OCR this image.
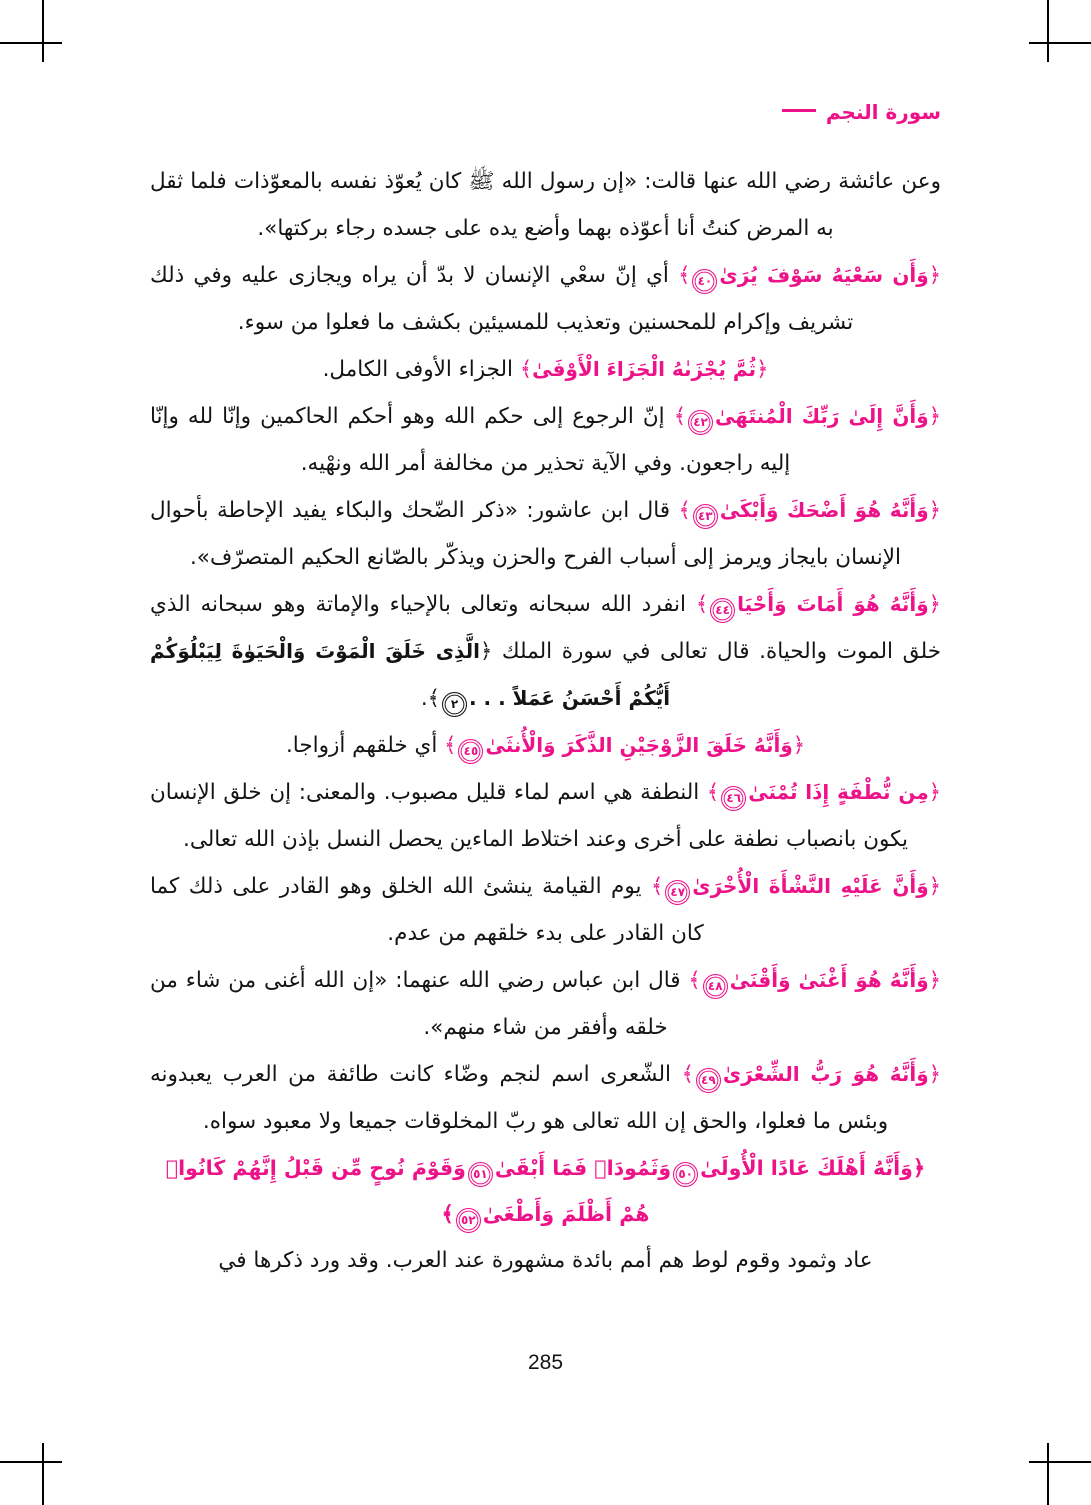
سورة النجم

وعن عائشة رضي الله عنها قالت: «إن رسول الله ﷺ كان يُعوّذ نفسه بالمعوّذات فلما ثقل به المرض كنتُ أنا أعوّذه بهما وأضع يده على جسده رجاء بركتها».

﴿وَأَن سَعْيَهُ سَوْفَ يُرَىٰ٤٠﴾ أي إنّ سعْي الإنسان لا بدّ أن يراه ويجازى عليه وفي ذلك تشريف وإكرام للمحسنين وتعذيب للمسيئين بكشف ما فعلوا من سوء.

﴿ثُمَّ يُجْزَىٰهُ الْجَزَاءَ الْأَوْفَىٰ﴾ الجزاء الأوفى الكامل.

﴿وَأَنَّ إِلَىٰ رَبِّكَ الْمُنتَهَىٰ٤٢﴾ إنّ الرجوع إلى حكم الله وهو أحكم الحاكمين وإنّا لله وإنّا إليه راجعون. وفي الآية تحذير من مخالفة أمر الله ونهْيه.

﴿وَأَنَّهُ هُوَ أَضْحَكَ وَأَبْكَىٰ٤٣﴾ قال ابن عاشور: «ذكر الضّحك والبكاء يفيد الإحاطة بأحوال الإنسان بايجاز ويرمز إلى أسباب الفرح والحزن ويذكّر بالصّانع الحكيم المتصرّف».

﴿وَأَنَّهُ هُوَ أَمَاتَ وَأَحْيَا٤٤﴾ انفرد الله سبحانه وتعالى بالإحياء والإماتة وهو سبحانه الذي خلق الموت والحياة. قال تعالى في سورة الملك ﴿الَّذِى خَلَقَ الْمَوْتَ وَالْحَيَوٰةَ لِيَبْلُوَكُمْ أَيُّكُمْ أَحْسَنُ عَمَلاً . . .٢﴾.

﴿وَأَنَّهُ خَلَقَ الزَّوْجَيْنِ الذَّكَرَ وَالْأُنثَىٰ٤٥﴾ أي خلقهم أزواجا.

﴿مِن نُّطْفَةٍ إِذَا تُمْنَىٰ٤٦﴾ النطفة هي اسم لماء قليل مصبوب. والمعنى: إن خلق الإنسان يكون بانصباب نطفة على أخرى وعند اختلاط الماءين يحصل النسل بإذن الله تعالى.

﴿وَأَنَّ عَلَيْهِ النَّشْأَةَ الْأُخْرَىٰ٤٧﴾ يوم القيامة ينشئ الله الخلق وهو القادر على ذلك كما كان القادر على بدء خلقهم من عدم.

﴿وَأَنَّهُ هُوَ أَغْنَىٰ وَأَقْنَىٰ٤٨﴾ قال ابن عباس رضي الله عنهما: «إن الله أغنى من شاء من خلقه وأفقر من شاء منهم».

﴿وَأَنَّهُ هُوَ رَبُّ الشِّعْرَىٰ٤٩﴾ الشّعرى اسم لنجم وضّاء كانت طائفة من العرب يعبدونه وبئس ما فعلوا، والحق إن الله تعالى هو ربّ المخلوقات جميعا ولا معبود سواه.

﴿وَأَنَّهُ أَهْلَكَ عَادًا الْأُولَىٰ٥٠وَثَمُودَا۟ فَمَا أَبْقَىٰ٥١وَقَوْمَ نُوحٍ مِّن قَبْلُ إِنَّهُمْ كَانُوا۟ هُمْ أَظْلَمَ وَأَطْغَىٰ٥٢﴾

عاد وثمود وقوم لوط هم أمم بائدة مشهورة عند العرب. وقد ورد ذكرها في

285
